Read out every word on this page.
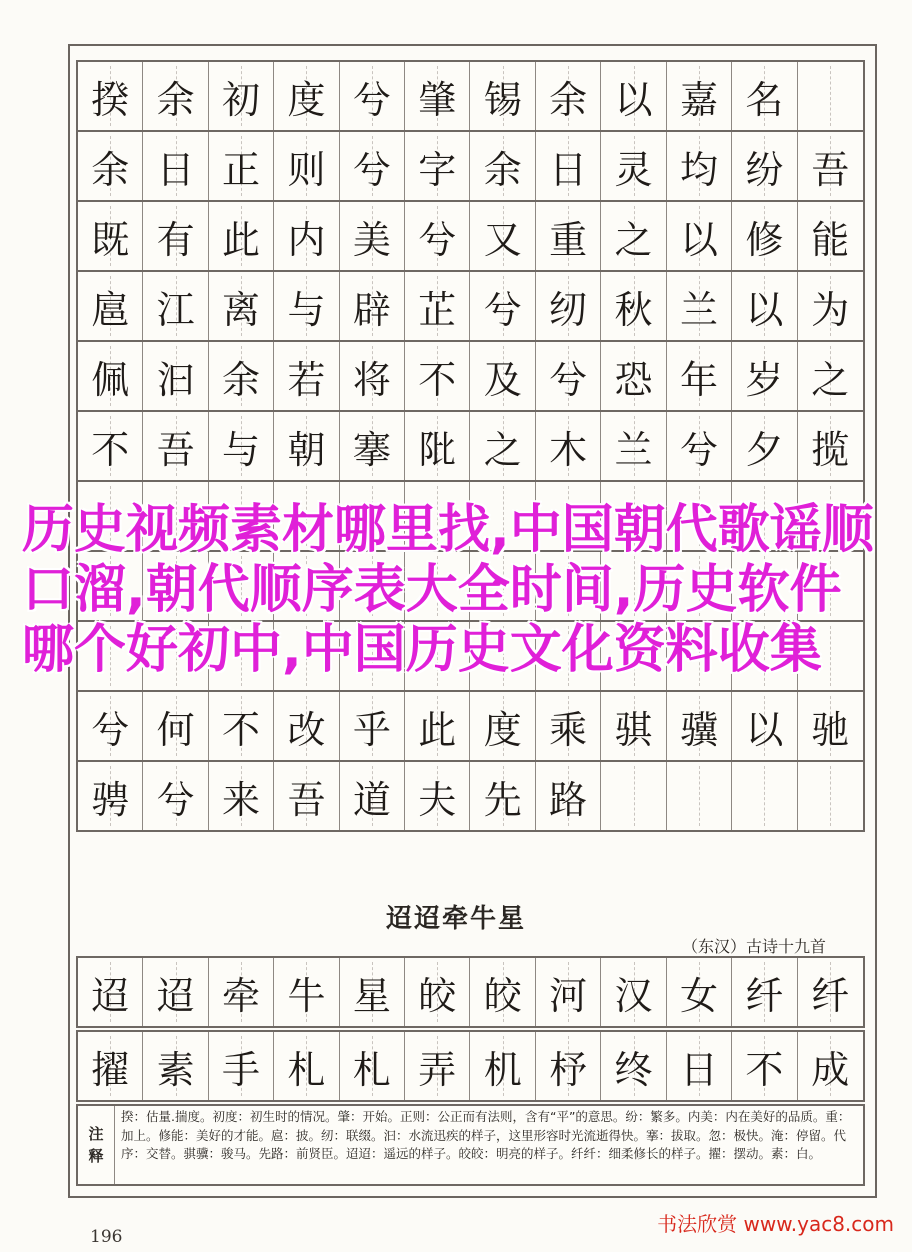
揆 余 初 度 兮 肇 锡 余 以 嘉 名
余 日 正 则 兮 字 余 日 灵 均 纷 吾
既 有 此 内 美 兮 又 重 之 以 修 能
扈 江 离 与 辟 芷 兮 纫 秋 兰 以 为
佩 汩 余 若 将 不 及 兮 恐 年 岁 之
不 吾 与 朝 搴 阰 之 木 兰 兮 夕 揽
兮 何 不 改 乎 此 度 乘 骐 骥 以 驰
骋 兮 来 吾 道 夫 先 路
迢迢牵牛星
（东汉）古诗十九首
迢 迢 牵 牛 星 皎 皎 河 汉 女 纤 纤
擢 素 手 札 札 弄 机 杼 终 日 不 成
注
释
揆：估量.揣度。初度：初生时的情况。肇：开始。正则：公正而有法则，含有“平”的意思。纷：繁多。内美：内在美好的品质。重：加上。修能：美好的才能。扈：披。纫：联缀。汩：水流迅疾的样子，这里形容时光流逝得快。搴：拔取。忽：极快。淹：停留。代序：交替。骐骥：骏马。先路：前贤臣。迢迢：遥远的样子。皎皎：明亮的样子。纤纤：细柔修长的样子。擢：摆动。素：白。
196
历史视频素材哪里找,中国朝代歌谣顺口溜,朝代顺序表大全时间,历史软件哪个好初中,中国历史文化资料收集
书法欣赏 www.yac8.com
